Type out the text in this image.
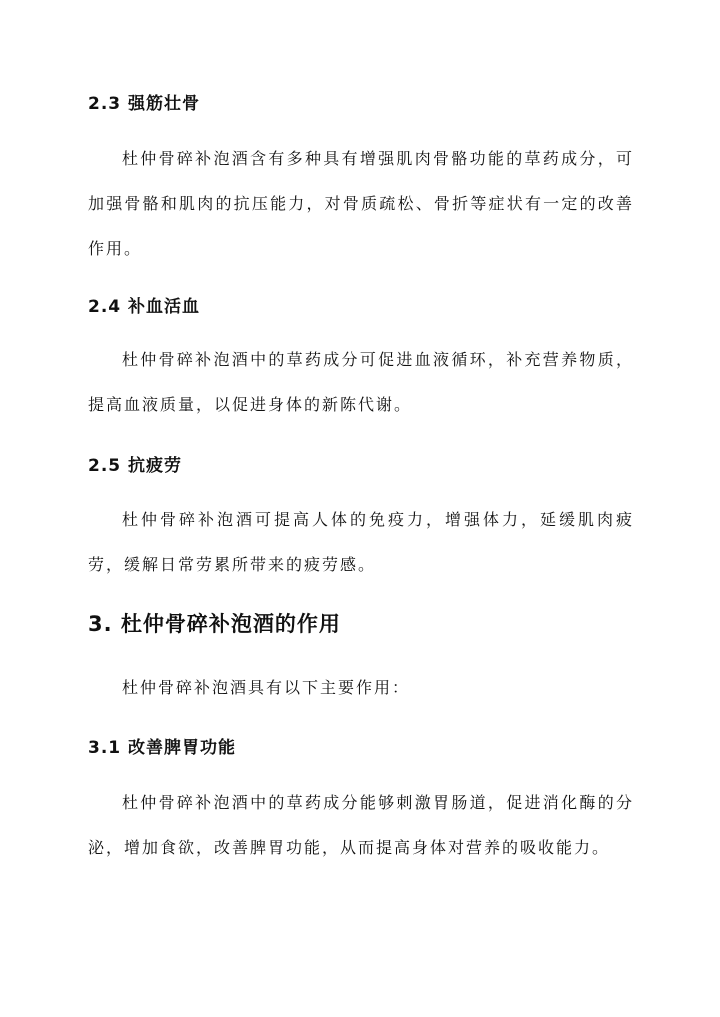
2.3 强筋壮骨
杜仲骨碎补泡酒含有多种具有增强肌肉骨骼功能的草药成分，可加强骨骼和肌肉的抗压能力，对骨质疏松、骨折等症状有一定的改善作用。
2.4 补血活血
杜仲骨碎补泡酒中的草药成分可促进血液循环，补充营养物质，提高血液质量，以促进身体的新陈代谢。
2.5 抗疲劳
杜仲骨碎补泡酒可提高人体的免疫力，增强体力，延缓肌肉疲劳，缓解日常劳累所带来的疲劳感。
3. 杜仲骨碎补泡酒的作用
杜仲骨碎补泡酒具有以下主要作用：
3.1 改善脾胃功能
杜仲骨碎补泡酒中的草药成分能够刺激胃肠道，促进消化酶的分泌，增加食欲，改善脾胃功能，从而提高身体对营养的吸收能力。
